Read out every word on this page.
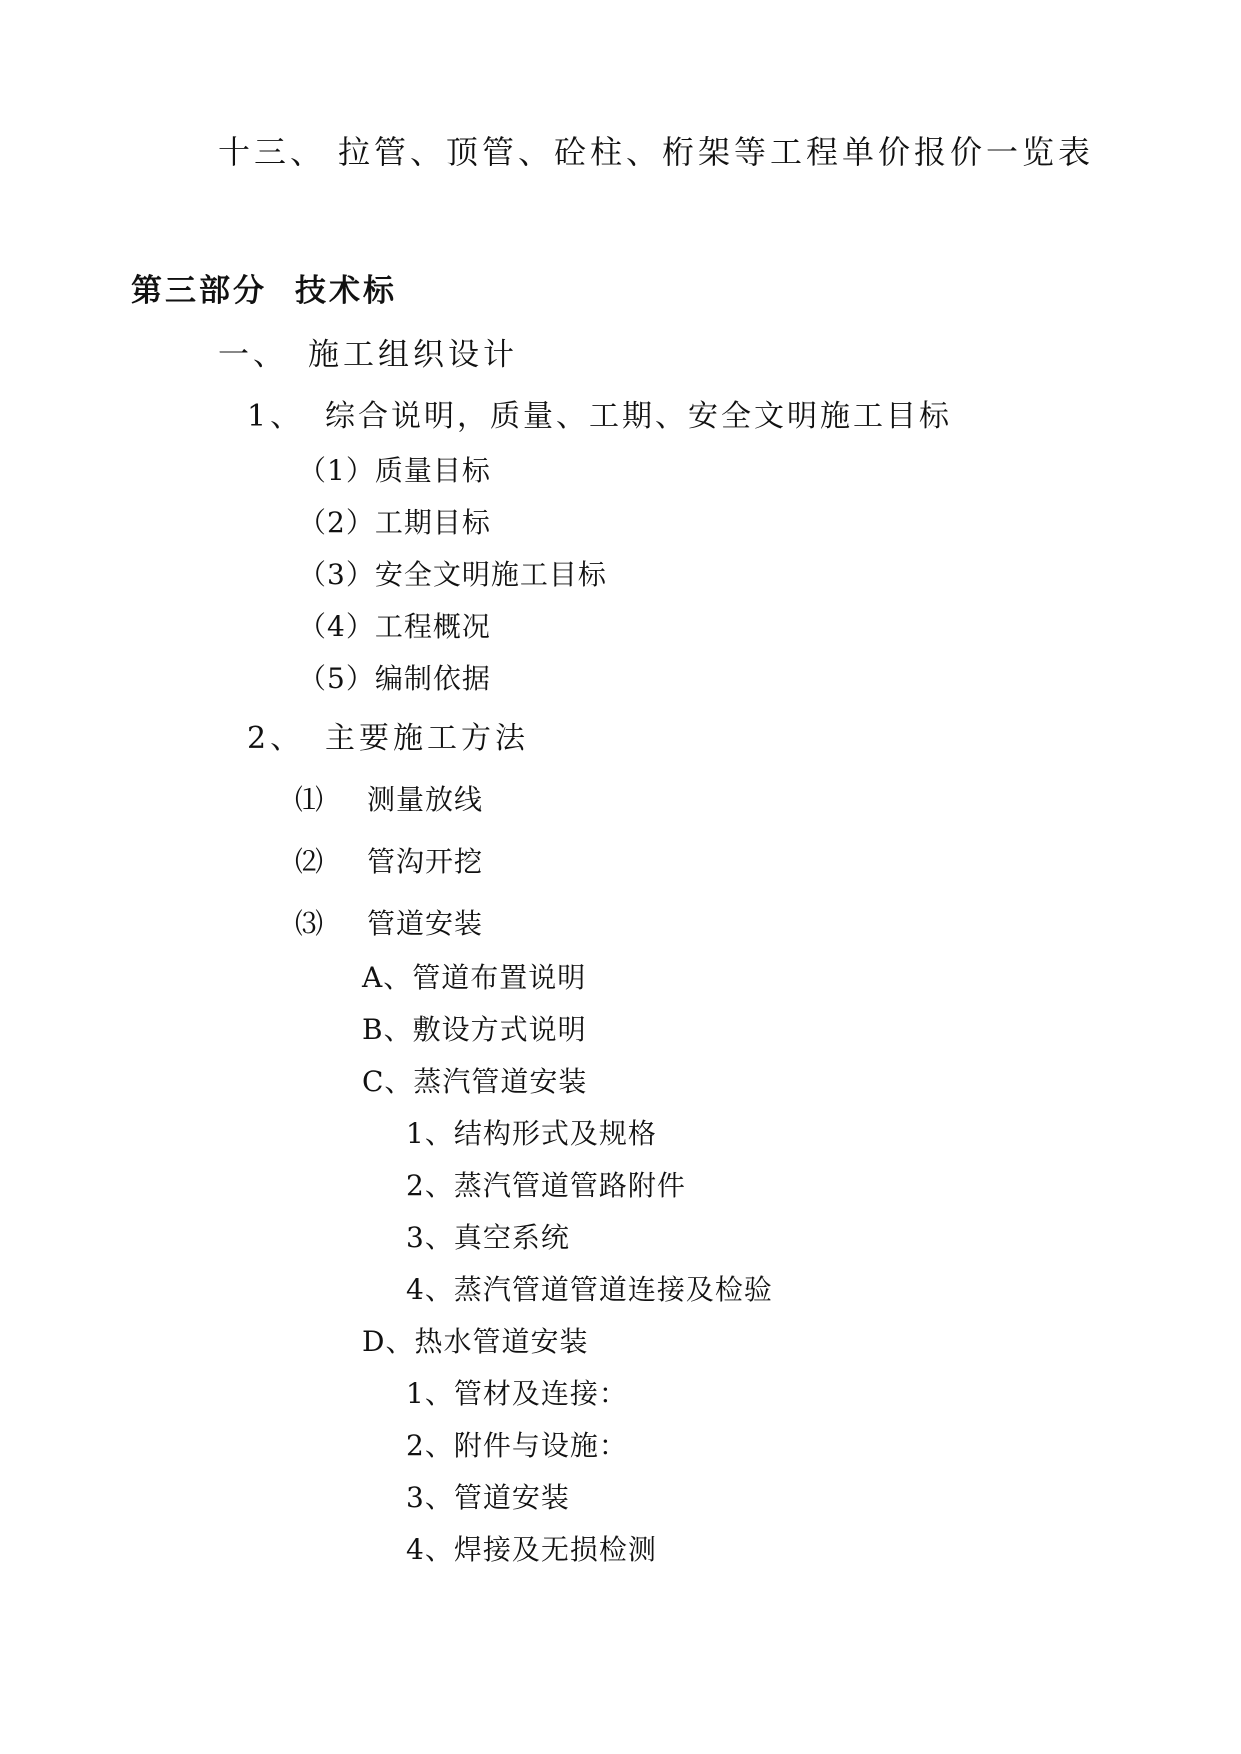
十三、 拉管、顶管、砼柱、桁架等工程单价报价一览表
第三部分 技术标
一、 施工组织设计
1、 综合说明，质量、工期、安全文明施工目标
（1）质量目标
（2）工期目标
（3）安全文明施工目标
（4）工程概况
（5）编制依据
2、 主要施工方法
⑴ 测量放线
⑵ 管沟开挖
⑶ 管道安装
A、管道布置说明
B、敷设方式说明
C、蒸汽管道安装
1、结构形式及规格
2、蒸汽管道管路附件
3、真空系统
4、蒸汽管道管道连接及检验
D、热水管道安装
1、管材及连接：
2、附件与设施：
3、管道安装
4、焊接及无损检测
